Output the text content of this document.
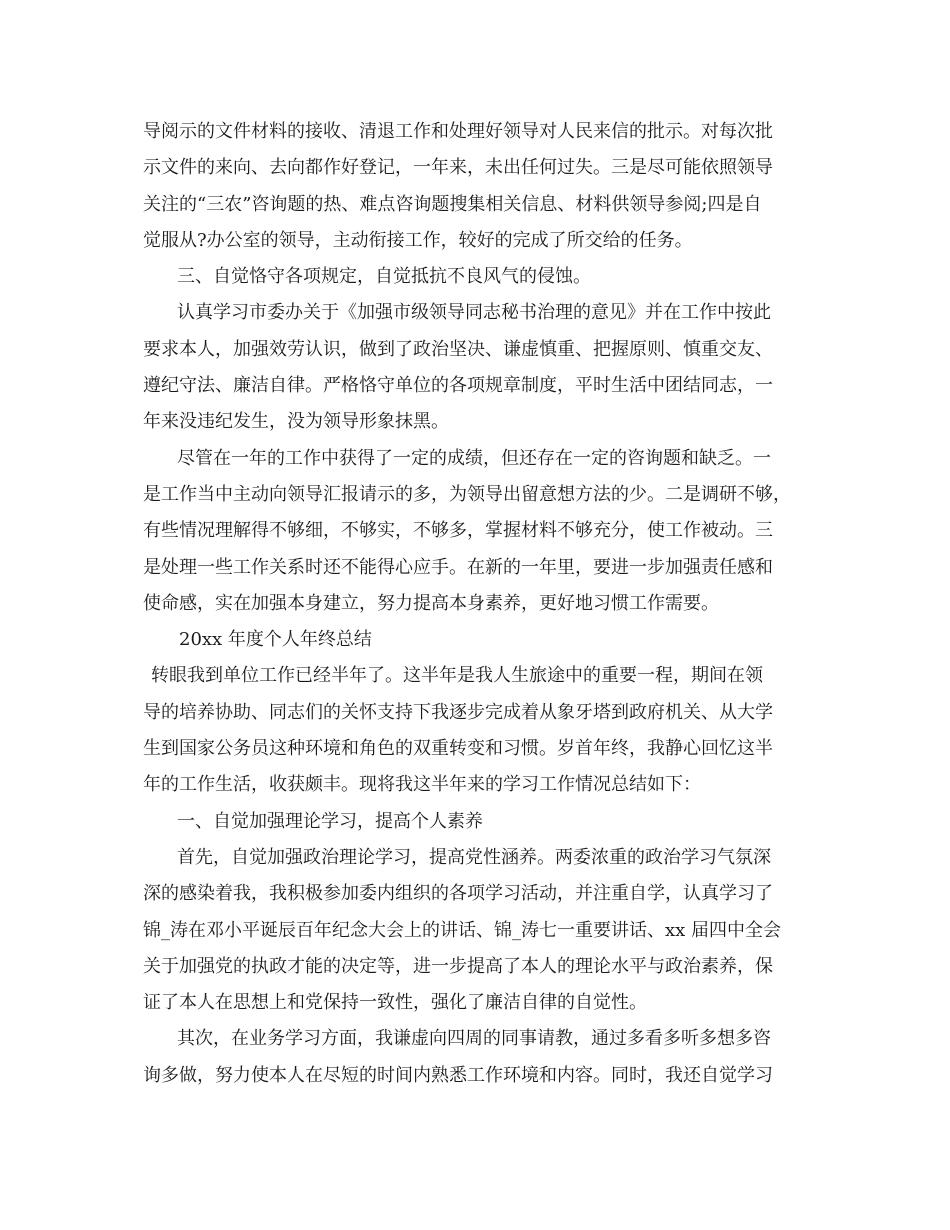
导阅示的文件材料的接收、清退工作和处理好领导对人民来信的批示。对每次批
示文件的来向、去向都作好登记，一年来，未出任何过失。三是尽可能依照领导
关注的“三农”咨询题的热、难点咨询题搜集相关信息、材料供领导参阅;四是自
觉服从?办公室的领导，主动衔接工作，较好的完成了所交给的任务。
三、自觉恪守各项规定，自觉抵抗不良风气的侵蚀。
认真学习市委办关于《加强市级领导同志秘书治理的意见》并在工作中按此
要求本人，加强效劳认识，做到了政治坚决、谦虚慎重、把握原则、慎重交友、
遵纪守法、廉洁自律。严格恪守单位的各项规章制度，平时生活中团结同志，一
年来没违纪发生，没为领导形象抹黑。
尽管在一年的工作中获得了一定的成绩，但还存在一定的咨询题和缺乏。一
是工作当中主动向领导汇报请示的多，为领导出留意想方法的少。二是调研不够，
有些情况理解得不够细，不够实，不够多，掌握材料不够充分，使工作被动。三
是处理一些工作关系时还不能得心应手。在新的一年里，要进一步加强责任感和
使命感，实在加强本身建立，努力提高本身素养，更好地习惯工作需要。
20xx 年度个人年终总结
转眼我到单位工作已经半年了。这半年是我人生旅途中的重要一程，期间在领
导的培养协助、同志们的关怀支持下我逐步完成着从象牙塔到政府机关、从大学
生到国家公务员这种环境和角色的双重转变和习惯。岁首年终，我静心回忆这半
年的工作生活，收获颇丰。现将我这半年来的学习工作情况总结如下：
一、自觉加强理论学习，提高个人素养
首先，自觉加强政治理论学习，提高党性涵养。两委浓重的政治学习气氛深
深的感染着我，我积极参加委内组织的各项学习活动，并注重自学，认真学习了
锦_涛在邓小平诞辰百年纪念大会上的讲话、锦_涛七一重要讲话、xx 届四中全会
关于加强党的执政才能的决定等，进一步提高了本人的理论水平与政治素养，保
证了本人在思想上和党保持一致性，强化了廉洁自律的自觉性。
其次，在业务学习方面，我谦虚向四周的同事请教，通过多看多听多想多咨
询多做，努力使本人在尽短的时间内熟悉工作环境和内容。同时，我还自觉学习
